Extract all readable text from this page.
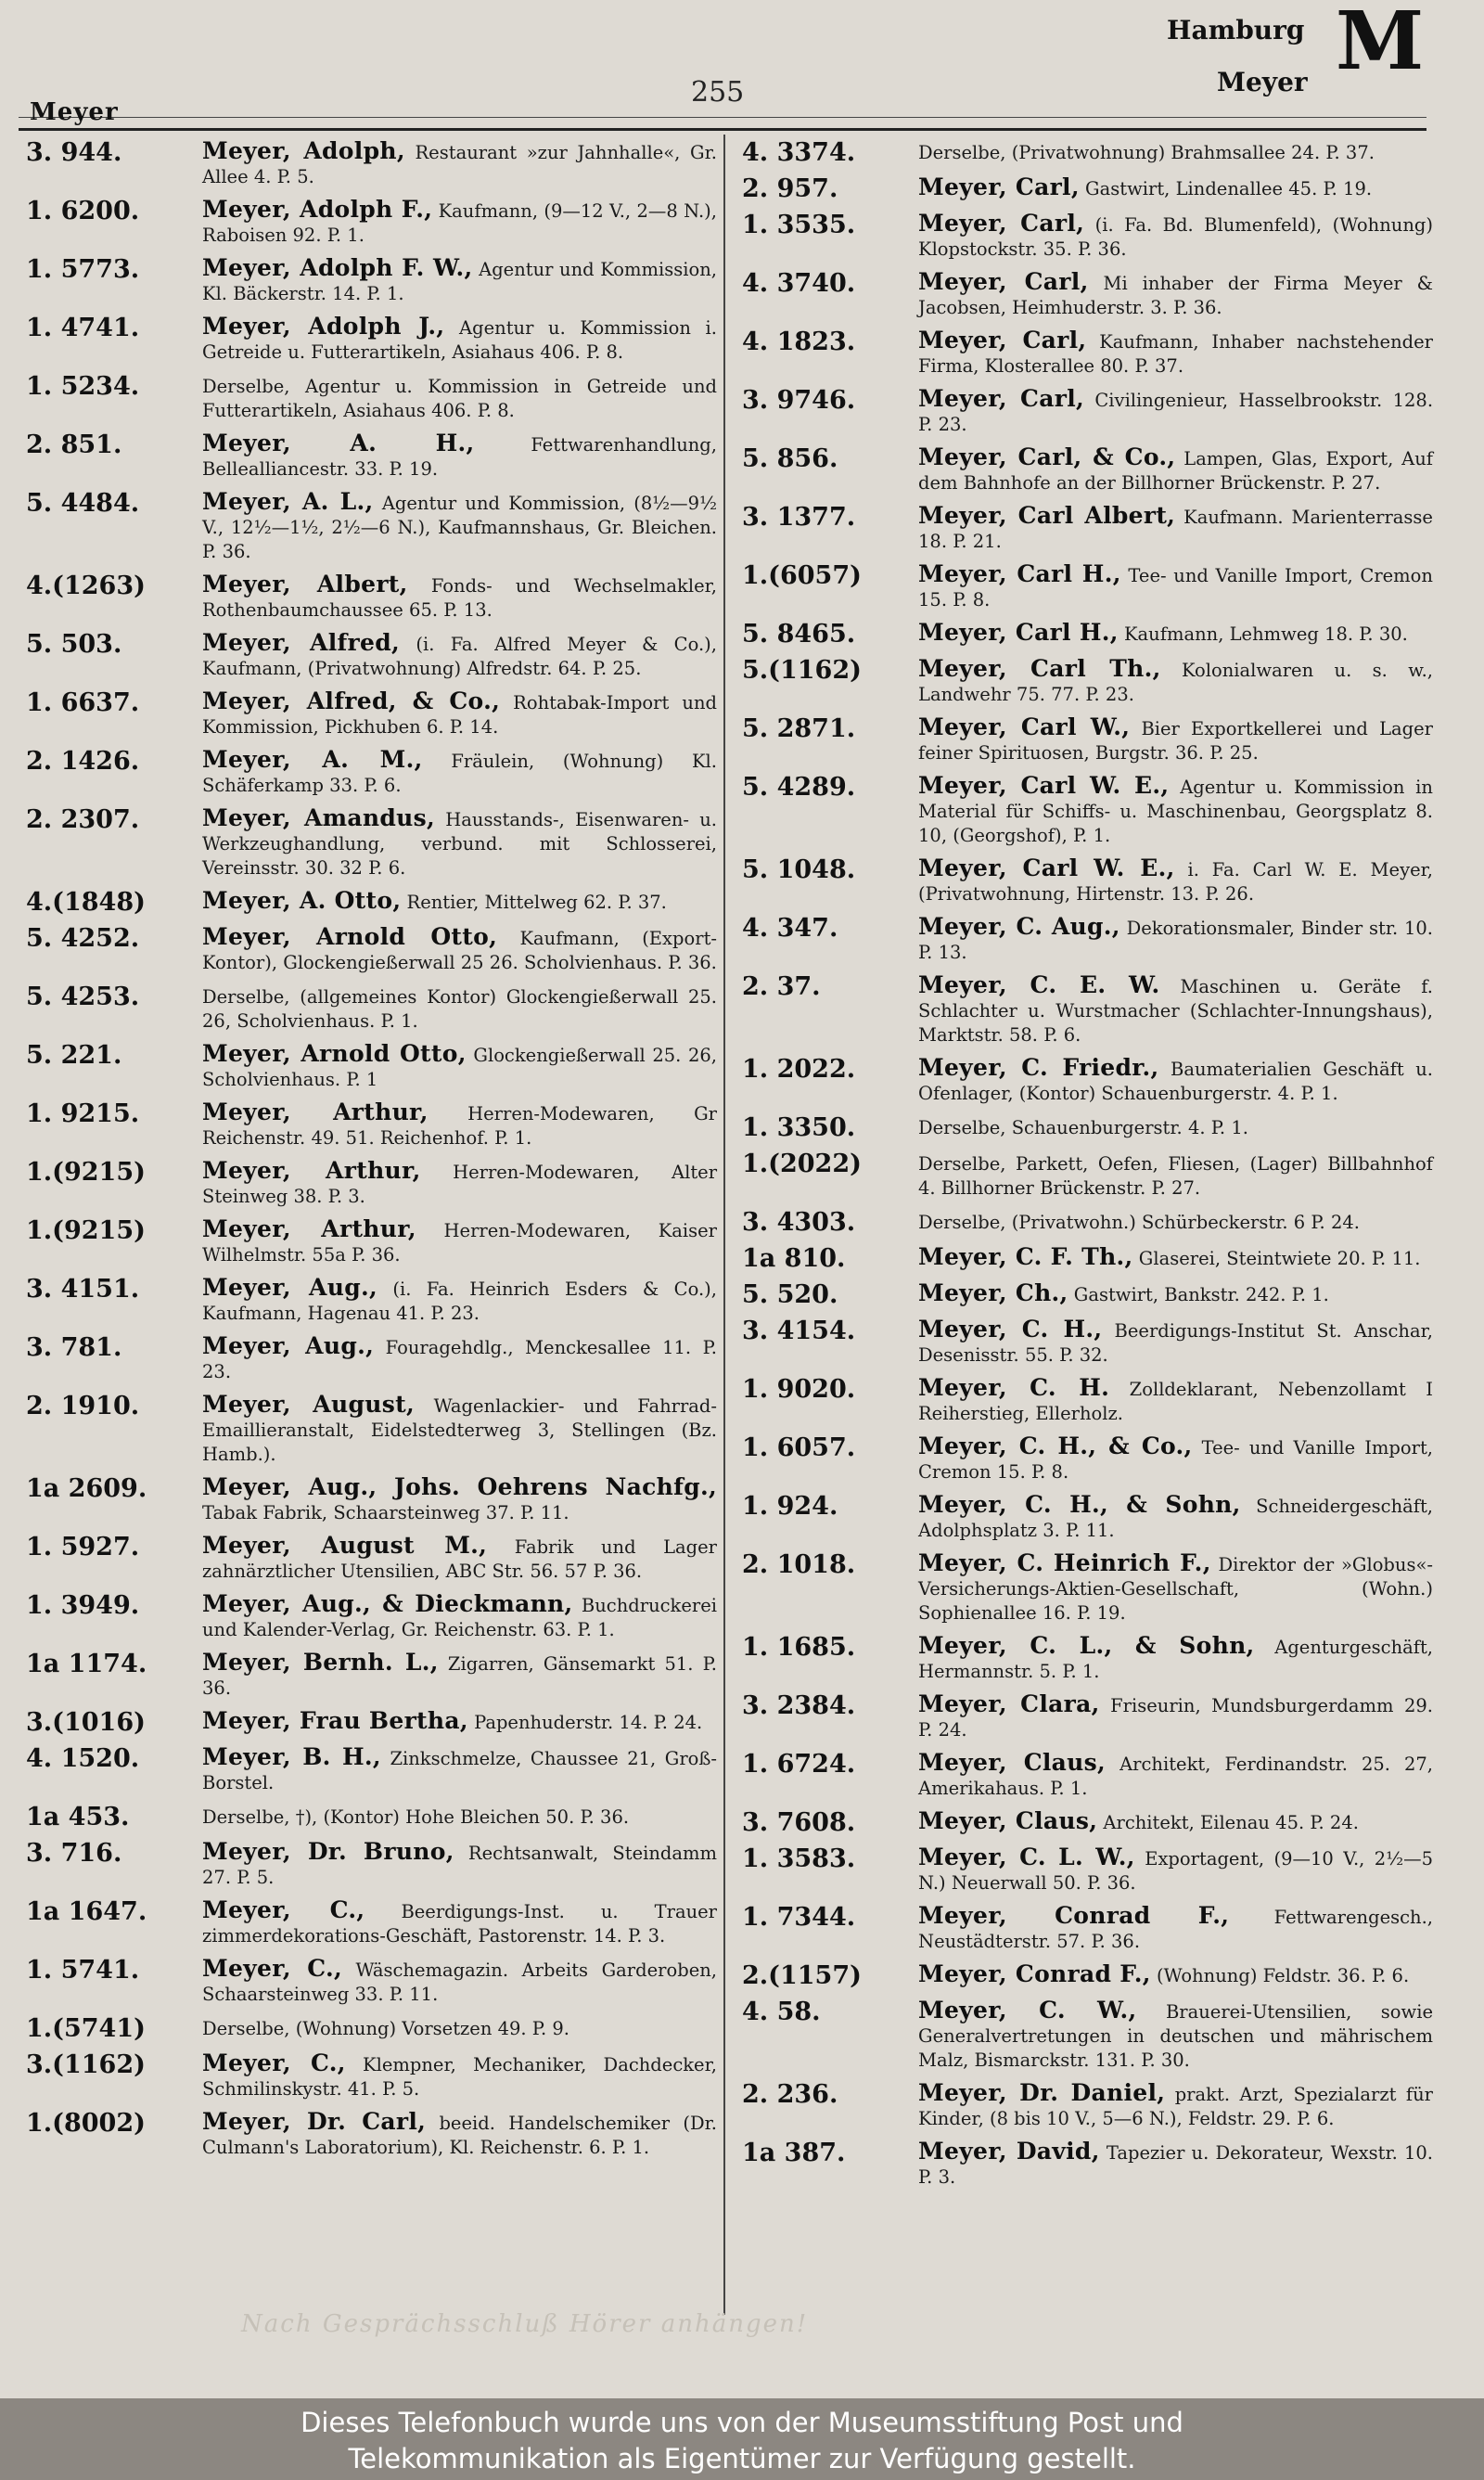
Meyer
255
Hamburg
Meyer M
3. 944.	Meyer, Adolph, Restaurant »zur Jahnhalle«, Gr. Allee 4. P. 5.
1. 6200.	Meyer, Adolph F., Kaufmann, (9—12 V., 2—8 N.), Raboisen 92. P. 1.
1. 5773.	Meyer, Adolph F. W., Agentur und Kommission, Kl. Bäckerstr. 14. P. 1.
1. 4741.	Meyer, Adolph J., Agentur u. Kommission i. Getreide u. Futterartikeln, Asiahaus 406. P. 8.
1. 5234.	Derselbe, Agentur u. Kommission in Getreide und Futterartikeln, Asiahaus 406. P. 8.
2. 851.	Meyer, A. H.,	Fettwarenhandlung, Bellealliancestr. 33. P. 19.
5. 4484.	Meyer, A. L., Agentur und Kommission, (8½—9½ V., 12½—1½, 2½—6 N.), Kaufmannshaus, Gr. Bleichen. P. 36.
4.(1263)	Meyer, Albert, Fonds- und Wechselmakler, Rothenbaumchaussee 65. P. 13.
5. 503.	Meyer, Alfred, (i. Fa. Alfred Meyer & Co.), Kaufmann, (Privatwohnung) Alfredstr. 64. P. 25.
1. 6637.	Meyer, Alfred, & Co., Rohtabak-Import und Kommission, Pickhuben 6. P. 14.
2. 1426.	Meyer, A. M., Fräulein, (Wohnung) Kl. Schäferkamp 33. P. 6.
2. 2307.	Meyer, Amandus, Hausstands-, Eisenwaren- u. Werkzeughandlung, verbund. mit Schlosserei, Vereinsstr. 30. 32 P. 6.
4.(1848)	Meyer, A. Otto, Rentier, Mittelweg 62. P. 37.
5. 4252.	Meyer, Arnold Otto, Kaufmann, (Export-Kontor), Glockengießerwall 25 26. Scholvienhaus. P. 36.
5. 4253.	Derselbe, (allgemeines Kontor) Glockengießerwall 25. 26, Scholvienhaus. P. 1.
5. 221.	Meyer, Arnold Otto, Glockengießerwall 25. 26, Scholvienhaus. P. 1
1. 9215.	Meyer, Arthur, Herren-Modewaren, Gr Reichenstr. 49. 51. Reichenhof. P. 1.
1.(9215)	Meyer, Arthur, Herren-Modewaren, Alter Steinweg 38. P. 3.
1.(9215)	Meyer, Arthur, Herren-Modewaren, Kaiser Wilhelmstr. 55a P. 36.
3. 4151.	Meyer, Aug., (i. Fa. Heinrich Esders & Co.), Kaufmann, Hagenau 41. P. 23.
3. 781.	Meyer, Aug., Fouragehdlg., Menckesallee 11. P. 23.
2. 1910.	Meyer, August, Wagenlackier- und Fahrrad-Emaillieranstalt, Eidelstedterweg 3, Stellingen (Bz. Hamb.).
1a 2609.	Meyer, Aug., Johs. Oehrens Nachfg., Tabak Fabrik, Schaarsteinweg 37. P. 11.
1. 5927.	Meyer, August M., Fabrik und Lager zahnärztlicher Utensilien, ABC Str. 56. 57 P. 36.
1. 3949.	Meyer, Aug., & Dieckmann, Buchdruckerei und Kalender-Verlag, Gr. Reichenstr. 63. P. 1.
1a 1174.	Meyer, Bernh. L., Zigarren, Gänsemarkt 51. P. 36.
3.(1016)	Meyer, Frau Bertha, Papenhuderstr. 14. P. 24.
4. 1520.	Meyer, B. H., Zinkschmelze, Chaussee 21, Groß-Borstel.
1a 453.	Derselbe, †), (Kontor) Hohe Bleichen 50. P. 36.
3. 716.	Meyer, Dr. Bruno, Rechtsanwalt, Steindamm 27. P. 5.
1a 1647.	Meyer, C., Beerdigungs-Inst. u. Trauer zimmerdekorations-Geschäft, Pastorenstr. 14. P. 3.
1. 5741.	Meyer, C., Wäschemagazin. Arbeits Garderoben, Schaarsteinweg 33. P. 11.
1.(5741)	Derselbe, (Wohnung) Vorsetzen 49. P. 9.
3.(1162)	Meyer, C., Klempner, Mechaniker, Dachdecker, Schmilinskystr. 41. P. 5.
1.(8002)	Meyer, Dr. Carl, beeid. Handelschemiker (Dr. Culmann's Laboratorium), Kl. Reichenstr. 6. P. 1.
4. 3374.	Derselbe, (Privatwohnung) Brahmsallee 24. P. 37.
2. 957.	Meyer, Carl, Gastwirt, Lindenallee 45. P. 19.
1. 3535.	Meyer, Carl, (i. Fa. Bd. Blumenfeld), (Wohnung) Klopstockstr. 35. P. 36.
4. 3740.	Meyer, Carl, Mi inhaber der Firma Meyer & Jacobsen, Heimhuderstr. 3. P. 36.
4. 1823.	Meyer, Carl, Kaufmann, Inhaber nachstehender Firma, Klosterallee 80. P. 37.
3. 9746.	Meyer, Carl, Civilingenieur, Hasselbrookstr. 128. P. 23.
5. 856.	Meyer, Carl, & Co., Lampen, Glas, Export, Auf dem Bahnhofe an der Billhorner Brückenstr. P. 27.
3. 1377.	Meyer, Carl Albert, Kaufmann. Marienterrasse 18. P. 21.
1.(6057)	Meyer, Carl H., Tee- und Vanille Import, Cremon 15. P. 8.
5. 8465.	Meyer, Carl H., Kaufmann, Lehmweg 18. P. 30.
5.(1162)	Meyer, Carl Th., Kolonialwaren u. s. w., Landwehr 75. 77. P. 23.
5. 2871.	Meyer, Carl W., Bier Exportkellerei und Lager feiner Spirituosen, Burgstr. 36. P. 25.
5. 4289.	Meyer, Carl W. E., Agentur u. Kommission in Material für Schiffs- u. Maschinenbau, Georgsplatz 8. 10, (Georgshof), P. 1.
5. 1048.	Meyer, Carl W. E., i. Fa. Carl W. E. Meyer, (Privatwohnung, Hirtenstr. 13. P. 26.
4. 347.	Meyer, C. Aug., Dekorationsmaler, Binder str. 10. P. 13.
2. 37.	Meyer, C. E. W. Maschinen u. Geräte f. Schlachter u. Wurstmacher (Schlachter-Innungshaus), Marktstr. 58. P. 6.
1. 2022.	Meyer, C. Friedr., Baumaterialien Geschäft u. Ofenlager, (Kontor) Schauenburgerstr. 4. P. 1.
1. 3350.	Derselbe, Schauenburgerstr. 4. P. 1.
1.(2022)	Derselbe, Parkett, Oefen, Fliesen, (Lager) Billbahnhof 4. Billhorner Brückenstr. P. 27.
3. 4303.	Derselbe, (Privatwohn.) Schürbeckerstr. 6 P. 24.
1a 810.	Meyer, C. F. Th., Glaserei, Steintwiete 20. P. 11.
5. 520.	Meyer, Ch., Gastwirt, Bankstr. 242. P. 1.
3. 4154.	Meyer, C. H., Beerdigungs-Institut St. Anschar, Desenisstr. 55. P. 32.
1. 9020.	Meyer, C. H. Zolldeklarant, Nebenzollamt I Reiherstieg, Ellerholz.
1. 6057.	Meyer, C. H., & Co., Tee- und Vanille Import, Cremon 15. P. 8.
1. 924.	Meyer, C. H., & Sohn, Schneidergeschäft, Adolphsplatz 3. P. 11.
2. 1018.	Meyer, C. Heinrich F., Direktor der »Globus«-Versicherungs-Aktien-Gesellschaft, (Wohn.) Sophienallee 16. P. 19.
1. 1685.	Meyer, C. L., & Sohn, Agenturgeschäft, Hermannstr. 5. P. 1.
3. 2384.	Meyer, Clara, Friseurin, Mundsburgerdamm 29. P. 24.
1. 6724.	Meyer, Claus, Architekt, Ferdinandstr. 25. 27, Amerikahaus. P. 1.
3. 7608.	Meyer, Claus, Architekt, Eilenau 45. P. 24.
1. 3583.	Meyer, C. L. W., Exportagent, (9—10 V., 2½—5 N.) Neuerwall 50. P. 36.
1. 7344.	Meyer, Conrad F., Fettwarengesch., Neustädterstr. 57. P. 36.
2.(1157)	Meyer, Conrad F., (Wohnung) Feldstr. 36. P. 6.
4. 58.	Meyer, C. W., Brauerei-Utensilien, sowie Generalvertretungen in deutschen und mährischem Malz, Bismarckstr. 131. P. 30.
2. 236.	Meyer, Dr. Daniel, prakt. Arzt, Spezialarzt für Kinder, (8 bis 10 V., 5—6 N.), Feldstr. 29. P. 6.
1a 387.	Meyer, David, Tapezier u. Dekorateur, Wexstr. 10. P. 3.
Nach Gesprächsschluß Hörer anhängen!
Dieses Telefonbuch wurde uns von der Museumsstiftung Post und
Telekommunikation als Eigentümer zur Verfügung gestellt.
